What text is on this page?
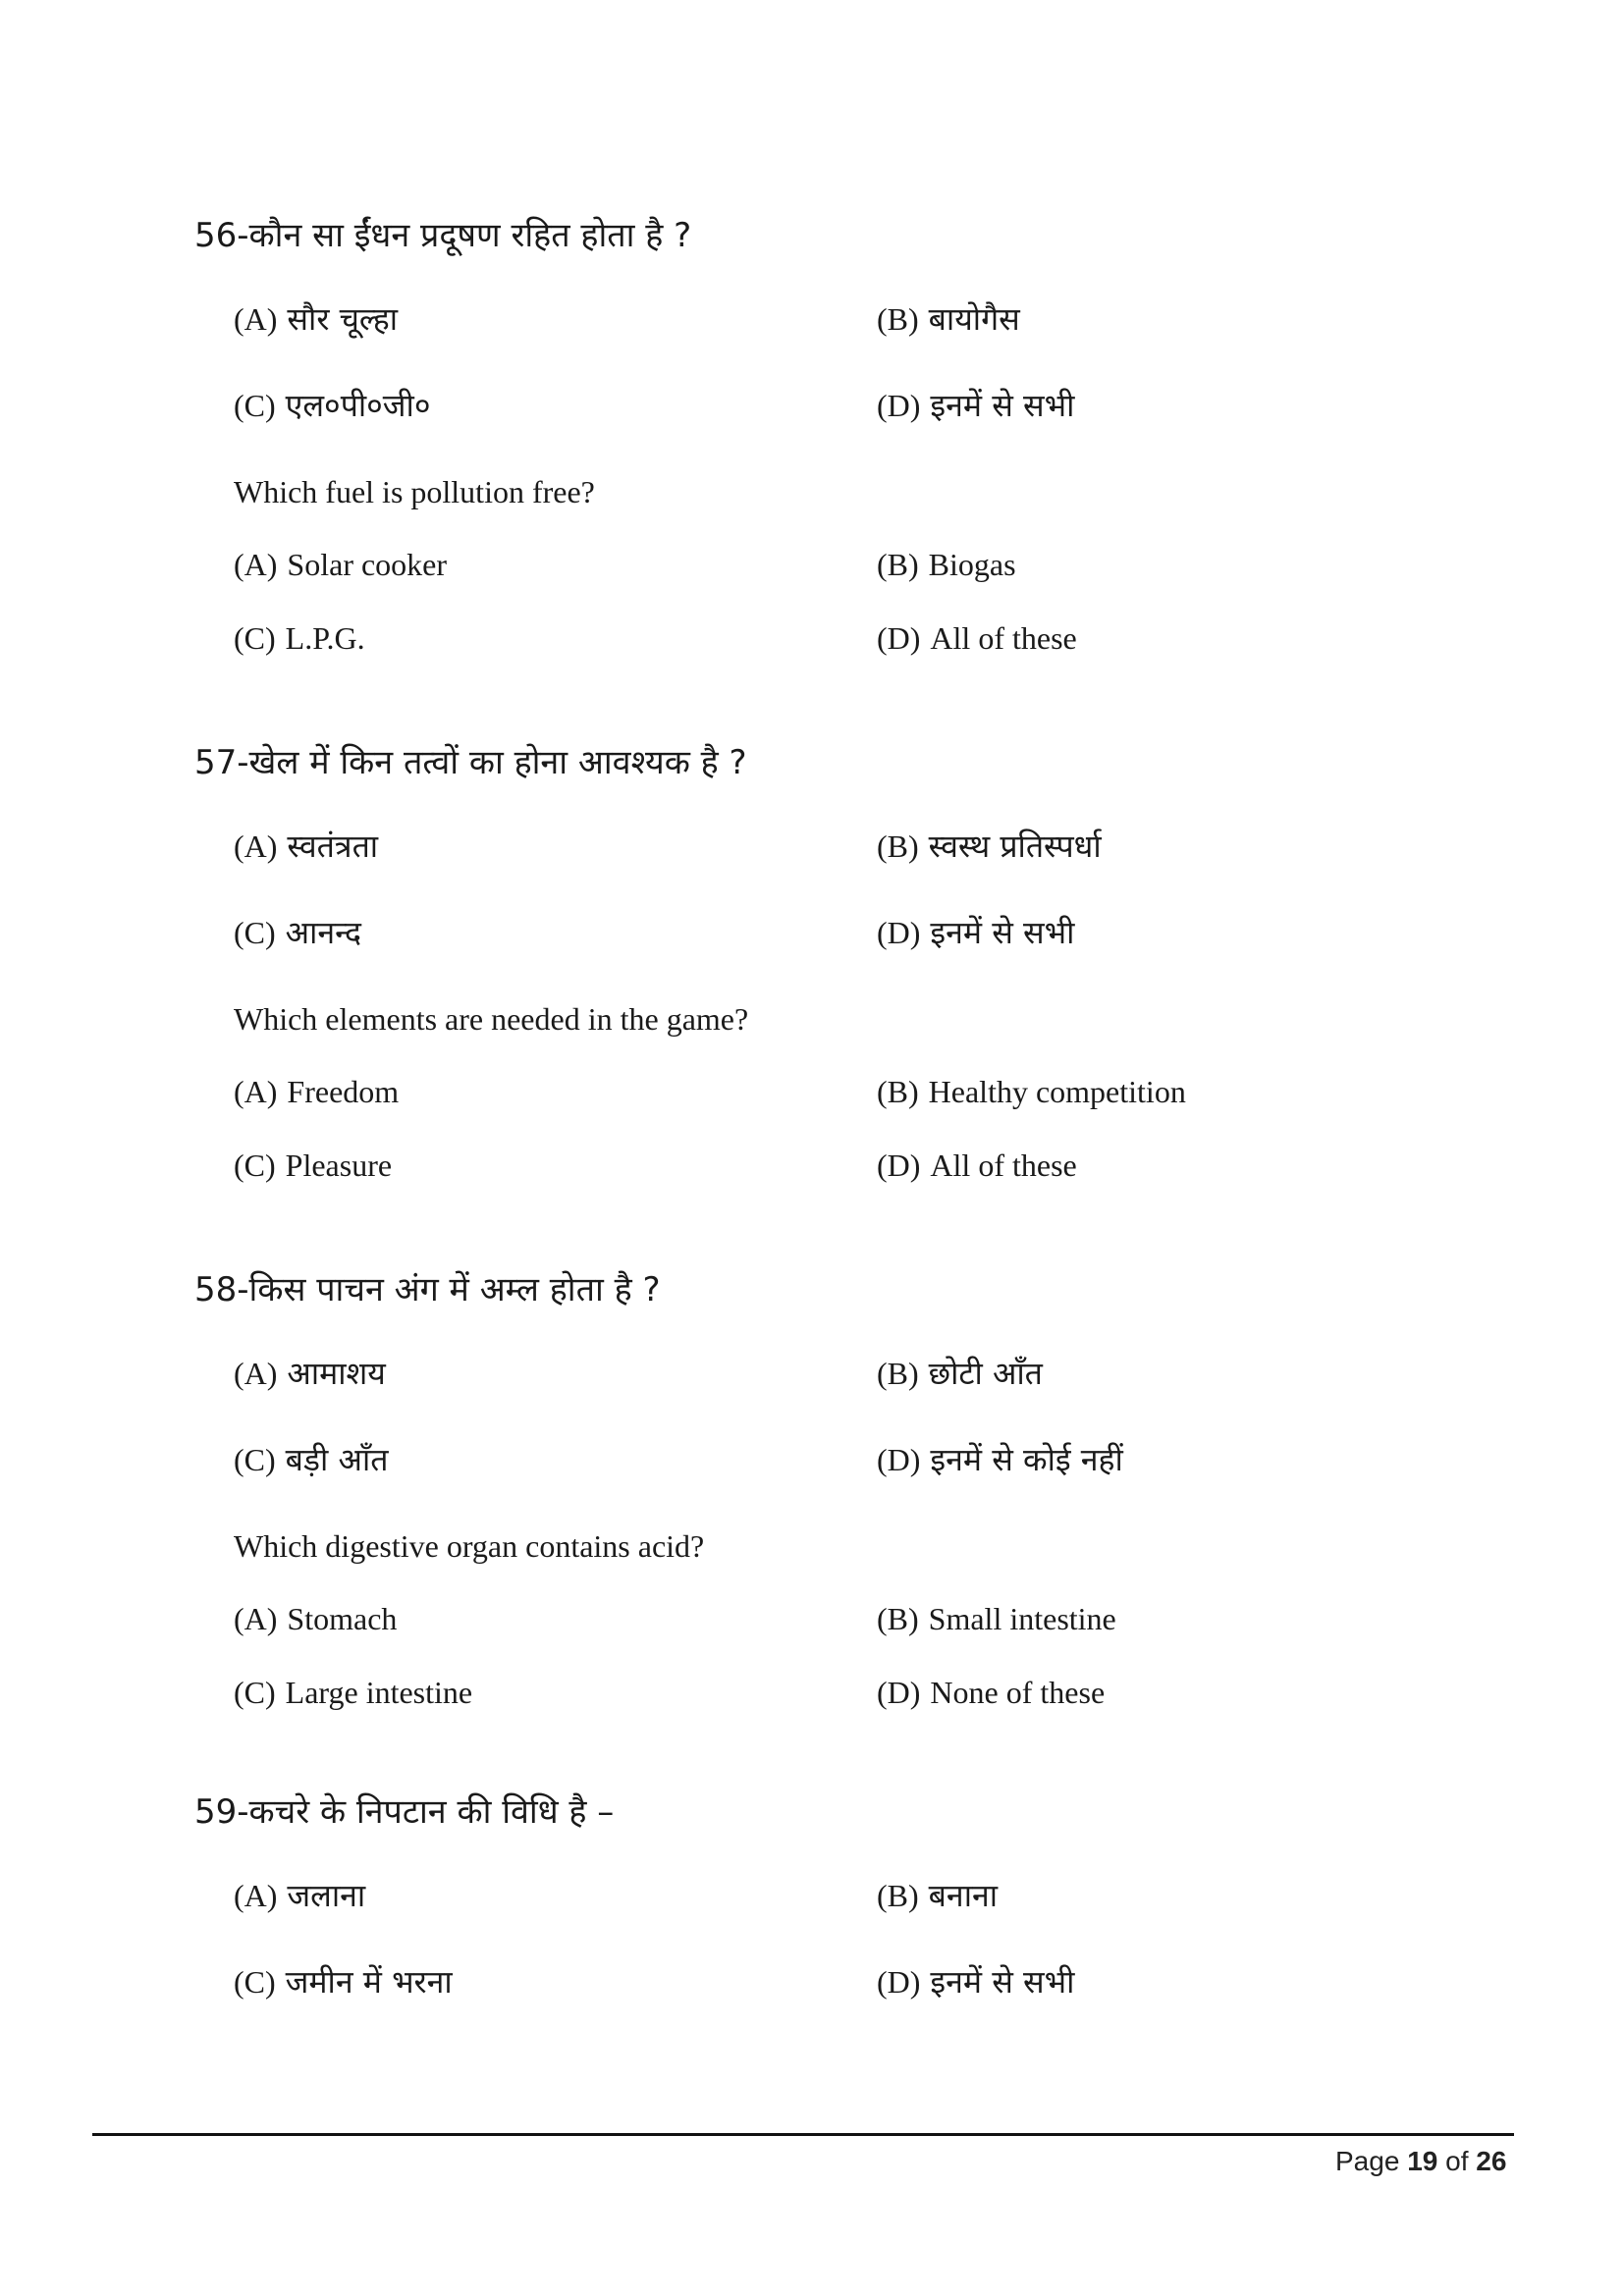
56-कौन सा ईंधन प्रदूषण रहित होता है ?
(A) सौर चूल्हा	(B) बायोगैस
(C) एल०पी०जी०	(D) इनमें से सभी
Which fuel is pollution free?
(A) Solar cooker	(B) Biogas
(C) L.P.G.	(D) All of these
57-खेल में किन तत्वों का होना आवश्यक है ?
(A) स्वतंत्रता	(B) स्वस्थ प्रतिस्पर्धा
(C) आनन्द	(D) इनमें से सभी
Which elements are needed in the game?
(A) Freedom	(B) Healthy competition
(C) Pleasure	(D) All of these
58-किस पाचन अंग में अम्ल होता है ?
(A) आमाशय	(B) छोटी आँत
(C) बड़ी आँत	(D) इनमें से कोई नहीं
Which digestive organ contains acid?
(A) Stomach	(B) Small intestine
(C) Large intestine	(D) None of these
59-कचरे के निपटान की विधि है –
(A) जलाना	(B) बनाना
(C) जमीन में भरना	(D) इनमें से सभी
Page 19 of 26
